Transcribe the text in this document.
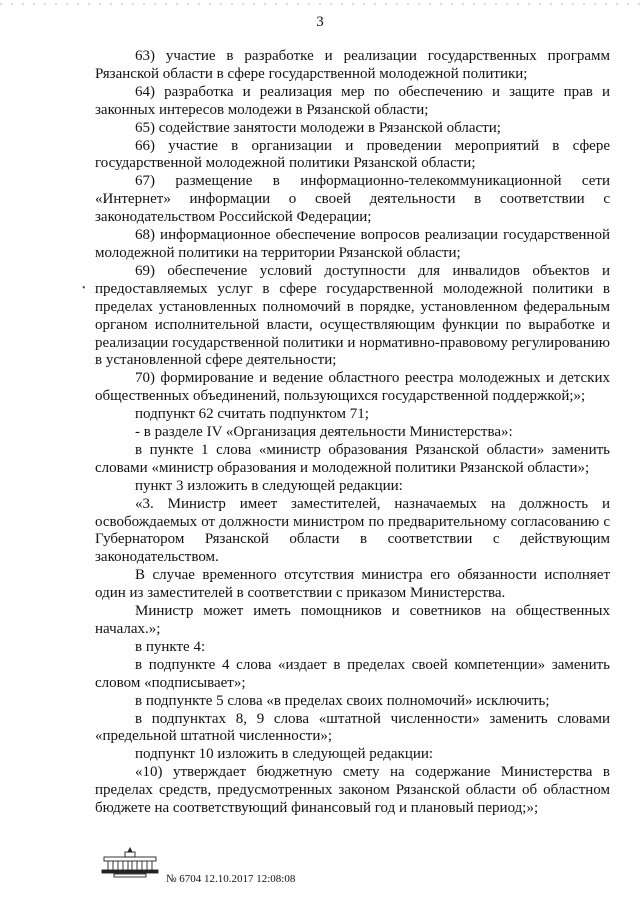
3
•

63) участие в разработке и реализации государственных программ Рязанской области в сфере государственной молодежной политики;

64) разработка и реализация мер по обеспечению и защите прав и законных интересов молодежи в Рязанской области;

65) содействие занятости молодежи в Рязанской области;

66) участие в организации и проведении мероприятий в сфере государственной молодежной политики Рязанской области;

67) размещение в информационно-телекоммуникационной сети «Интернет» информации о своей деятельности в соответствии с законодательством Российской Федерации;

68) информационное обеспечение вопросов реализации государственной молодежной политики на территории Рязанской области;

69) обеспечение условий доступности для инвалидов объектов и предоставляемых услуг в сфере государственной молодежной политики в пределах установленных полномочий в порядке, установленном федеральным органом исполнительной власти, осуществляющим функции по выработке и реализации государственной политики и нормативно-правовому регулированию в установленной сфере деятельности;

70) формирование и ведение областного реестра молодежных и детских общественных объединений, пользующихся государственной поддержкой;»;

подпункт 62 считать подпунктом 71;

- в разделе IV «Организация деятельности Министерства»:

в пункте 1 слова «министр образования Рязанской области» заменить словами «министр образования и молодежной политики Рязанской области»;

пункт 3 изложить в следующей редакции:

«3. Министр имеет заместителей, назначаемых на должность и освобождаемых от должности министром по предварительному согласованию с Губернатором Рязанской области в соответствии с действующим законодательством.

В случае временного отсутствия министра его обязанности исполняет один из заместителей в соответствии с приказом Министерства.

Министр может иметь помощников и советников на общественных началах.»;

в пункте 4:

в подпункте 4 слова «издает в пределах своей компетенции» заменить словом «подписывает»;

в подпункте 5 слова «в пределах своих полномочий» исключить;

в подпунктах 8, 9 слова «штатной численности» заменить словами «предельной штатной численности»;

подпункт 10 изложить в следующей редакции:

«10) утверждает бюджетную смету на содержание Министерства в пределах средств, предусмотренных законом Рязанской области об областном бюджете на соответствующий финансовый год и плановый период;»;

№ 6704 12.10.2017 12:08:08
